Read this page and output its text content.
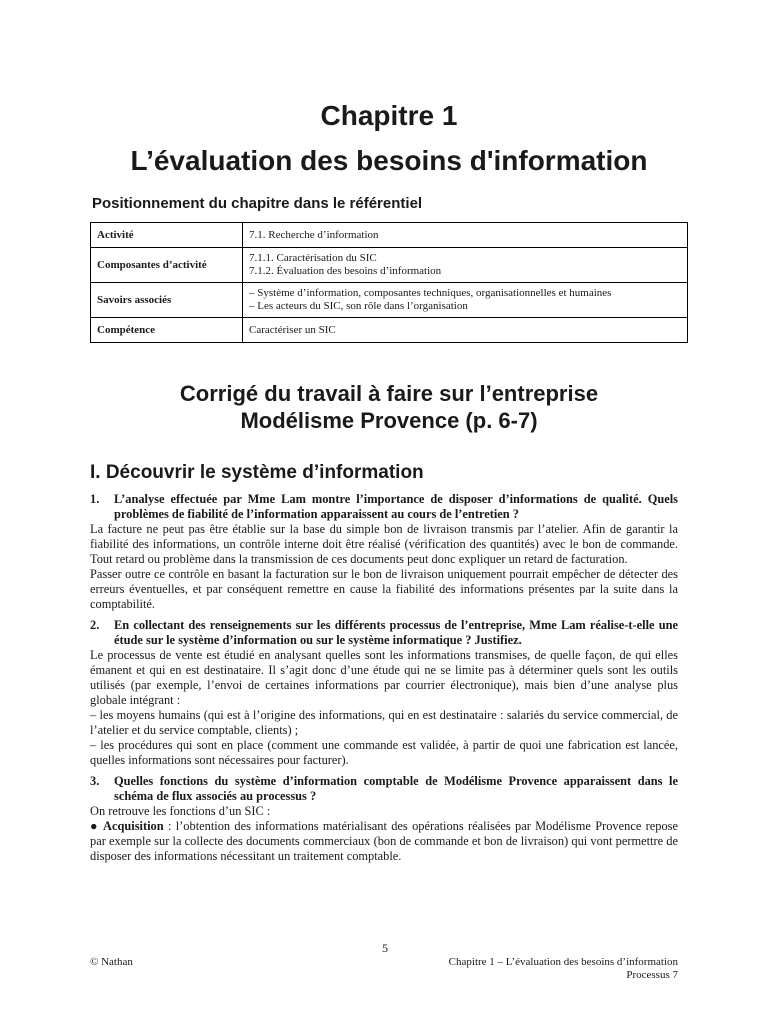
Chapitre 1
L’évaluation des besoins d'information
Positionnement du chapitre dans le référentiel
Activité	7.1. Recherche d’information
Composantes d’activité	7.1.1. Caractérisation du SIC
7.1.2. Évaluation des besoins d’information

Savoirs associés	– Système d’information, composantes techniques, organisationnelles et humaines
– Les acteurs du SIC, son rôle dans l’organisation

Compétence	Caractériser un SIC
Corrigé du travail à faire sur l’entreprise
Modélisme Provence (p. 6-7)
I. Découvrir le système d’information
1.	L’analyse effectuée par Mme Lam montre l’importance de disposer d’informations de qualité. Quels problèmes de fiabilité de l’information apparaissent au cours de l’entretien ?

La facture ne peut pas être établie sur la base du simple bon de livraison transmis par l’atelier. Afin de garantir la fiabilité des informations, un contrôle interne doit être réalisé (vérification des quantités) avec le bon de commande. Tout retard ou problème dans la transmission de ces documents peut donc expliquer un retard de facturation.

Passer outre ce contrôle en basant la facturation sur le bon de livraison uniquement pourrait empêcher de détecter des erreurs éventuelles, et par conséquent remettre en cause la fiabilité des informations présentes par la suite dans la comptabilité.

2.	En collectant des renseignements sur les différents processus de l’entreprise, Mme Lam réalise-t-elle une étude sur le système d’information ou sur le système informatique ? Justifiez.

Le processus de vente est étudié en analysant quelles sont les informations transmises, de quelle façon, de qui elles émanent et qui en est destinataire. Il s’agit donc d’une étude qui ne se limite pas à déterminer quels sont les outils utilisés (par exemple, l’envoi de certaines informations par courrier électronique), mais bien d’une analyse plus globale intégrant :

– les moyens humains (qui est à l’origine des informations, qui en est destinataire : salariés du service commercial, de l’atelier et du service comptable, clients) ;

– les procédures qui sont en place (comment une commande est validée, à partir de quoi une fabrication est lancée, quelles informations sont nécessaires pour facturer).

3.	Quelles fonctions du système d’information comptable de Modélisme Provence apparaissent dans le schéma de flux associés au processus ?

On retrouve les fonctions d’un SIC :

● Acquisition : l’obtention des informations matérialisant des opérations réalisées par Modélisme Provence repose par exemple sur la collecte des documents commerciaux (bon de commande et bon de livraison) qui vont permettre de disposer des informations nécessitant un traitement comptable.

5
© Nathan	Chapitre 1 – L’évaluation des besoins d’information
Processus 7
